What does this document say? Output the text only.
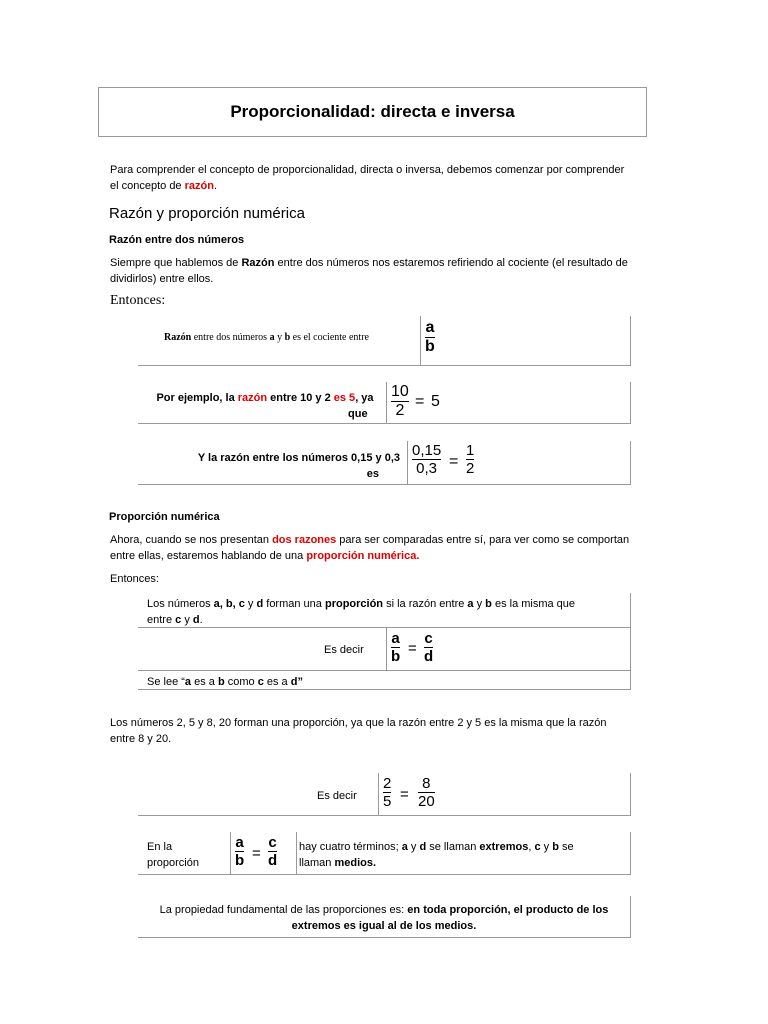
Proporcionalidad: directa e inversa

Para comprender el concepto de proporcionalidad, directa o inversa, debemos comenzar por comprender

el concepto de razón.

Razón y proporción numérica
Razón entre dos números

Siempre que hablemos de Razón entre dos números nos estaremos refiriendo al cociente (el resultado de

dividirlos) entre ellos.

Entonces:
Razón entre dos números a y b es el cociente entre
a
b

Por ejemplo, la razón entre 10 y 2 es 5, ya

que

10
2
= 5

Y la razón entre los números 0,15 y 0,3

es

0,15
0,3 =
1
2
Proporción numérica

Ahora, cuando se nos presentan dos razones para ser comparadas entre sí, para ver como se comportan

entre ellas, estaremos hablando de una proporción numérica.

Entonces:

Los números a, b, c y d forman una proporción si la razón entre a y b es la misma que

entre c y d.

Es decir
a
b =
c
d
Se lee “a es a b como c es a d”

Los números 2, 5 y 8, 20 forman una proporción, ya que la razón entre 2 y 5 es la misma que la razón

entre 8 y 20.

Es decir
2
5 =
8
20

En la

proporción

a
b =
c
d

hay cuatro términos; a y d se llaman extremos, c y b se

llaman medios.

La propiedad fundamental de las proporciones es: en toda proporción, el producto de los

extremos es igual al de los medios.
